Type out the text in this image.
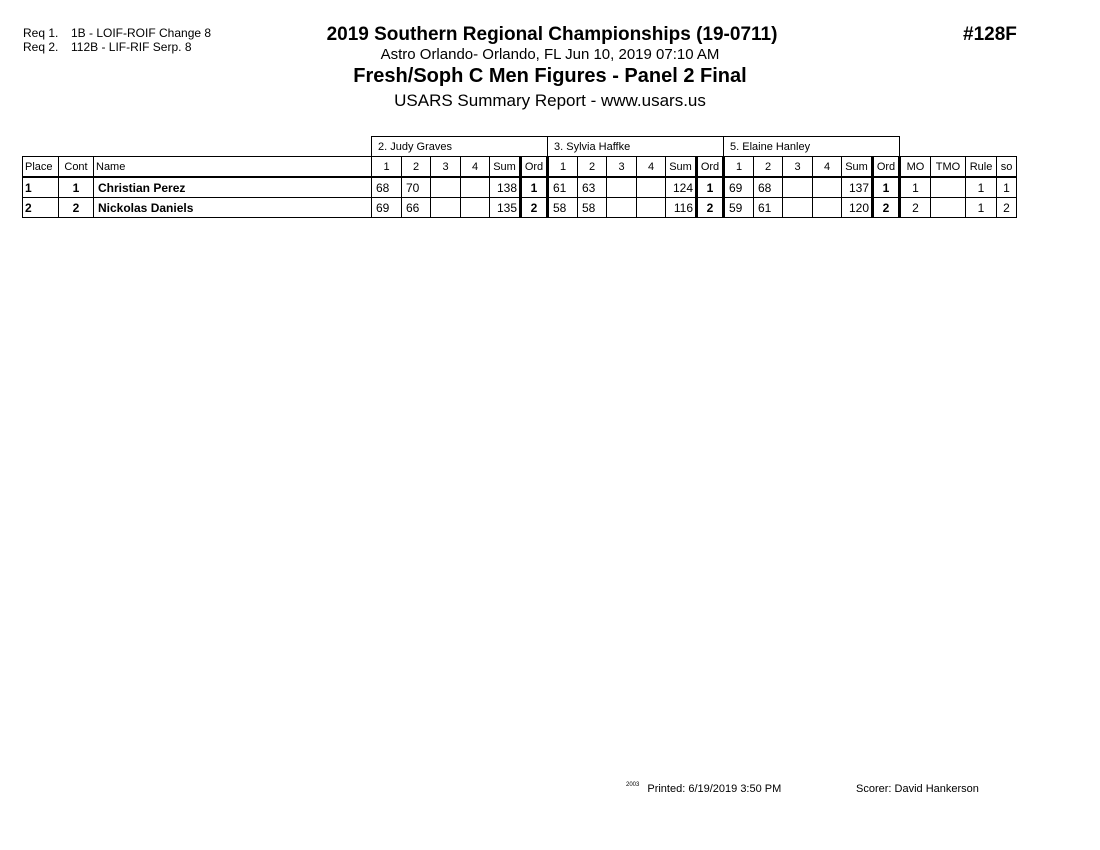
Req 1.	1B - LOIF-ROIF Change 8
Req 2.	112B - LIF-RIF Serp. 8
2019 Southern Regional Championships (19-0711)
Astro Orlando- Orlando, FL Jun 10, 2019 07:10 AM
Fresh/Soph C Men Figures - Panel 2 Final
USARS Summary Report - www.usars.us
#128F
			2. Judy Graves						3. Sylvia Haffke						5. Elaine Hanley									
Place	Cont	Name	1	2	3	4	Sum	Ord	1	2	3	4	Sum	Ord	1	2	3	4	Sum	Ord	MO	TMO	Rule	so
1	1	Christian Perez	68	70			138	1	61	63			124	1	69	68			137	1	1		1	1
2	2	Nickolas Daniels	69	66			135	2	58	58			116	2	59	61			120	2	2		1	2
$^{2003}$ Printed: 6/19/2019 3:50 PM	Scorer: David Hankerson
